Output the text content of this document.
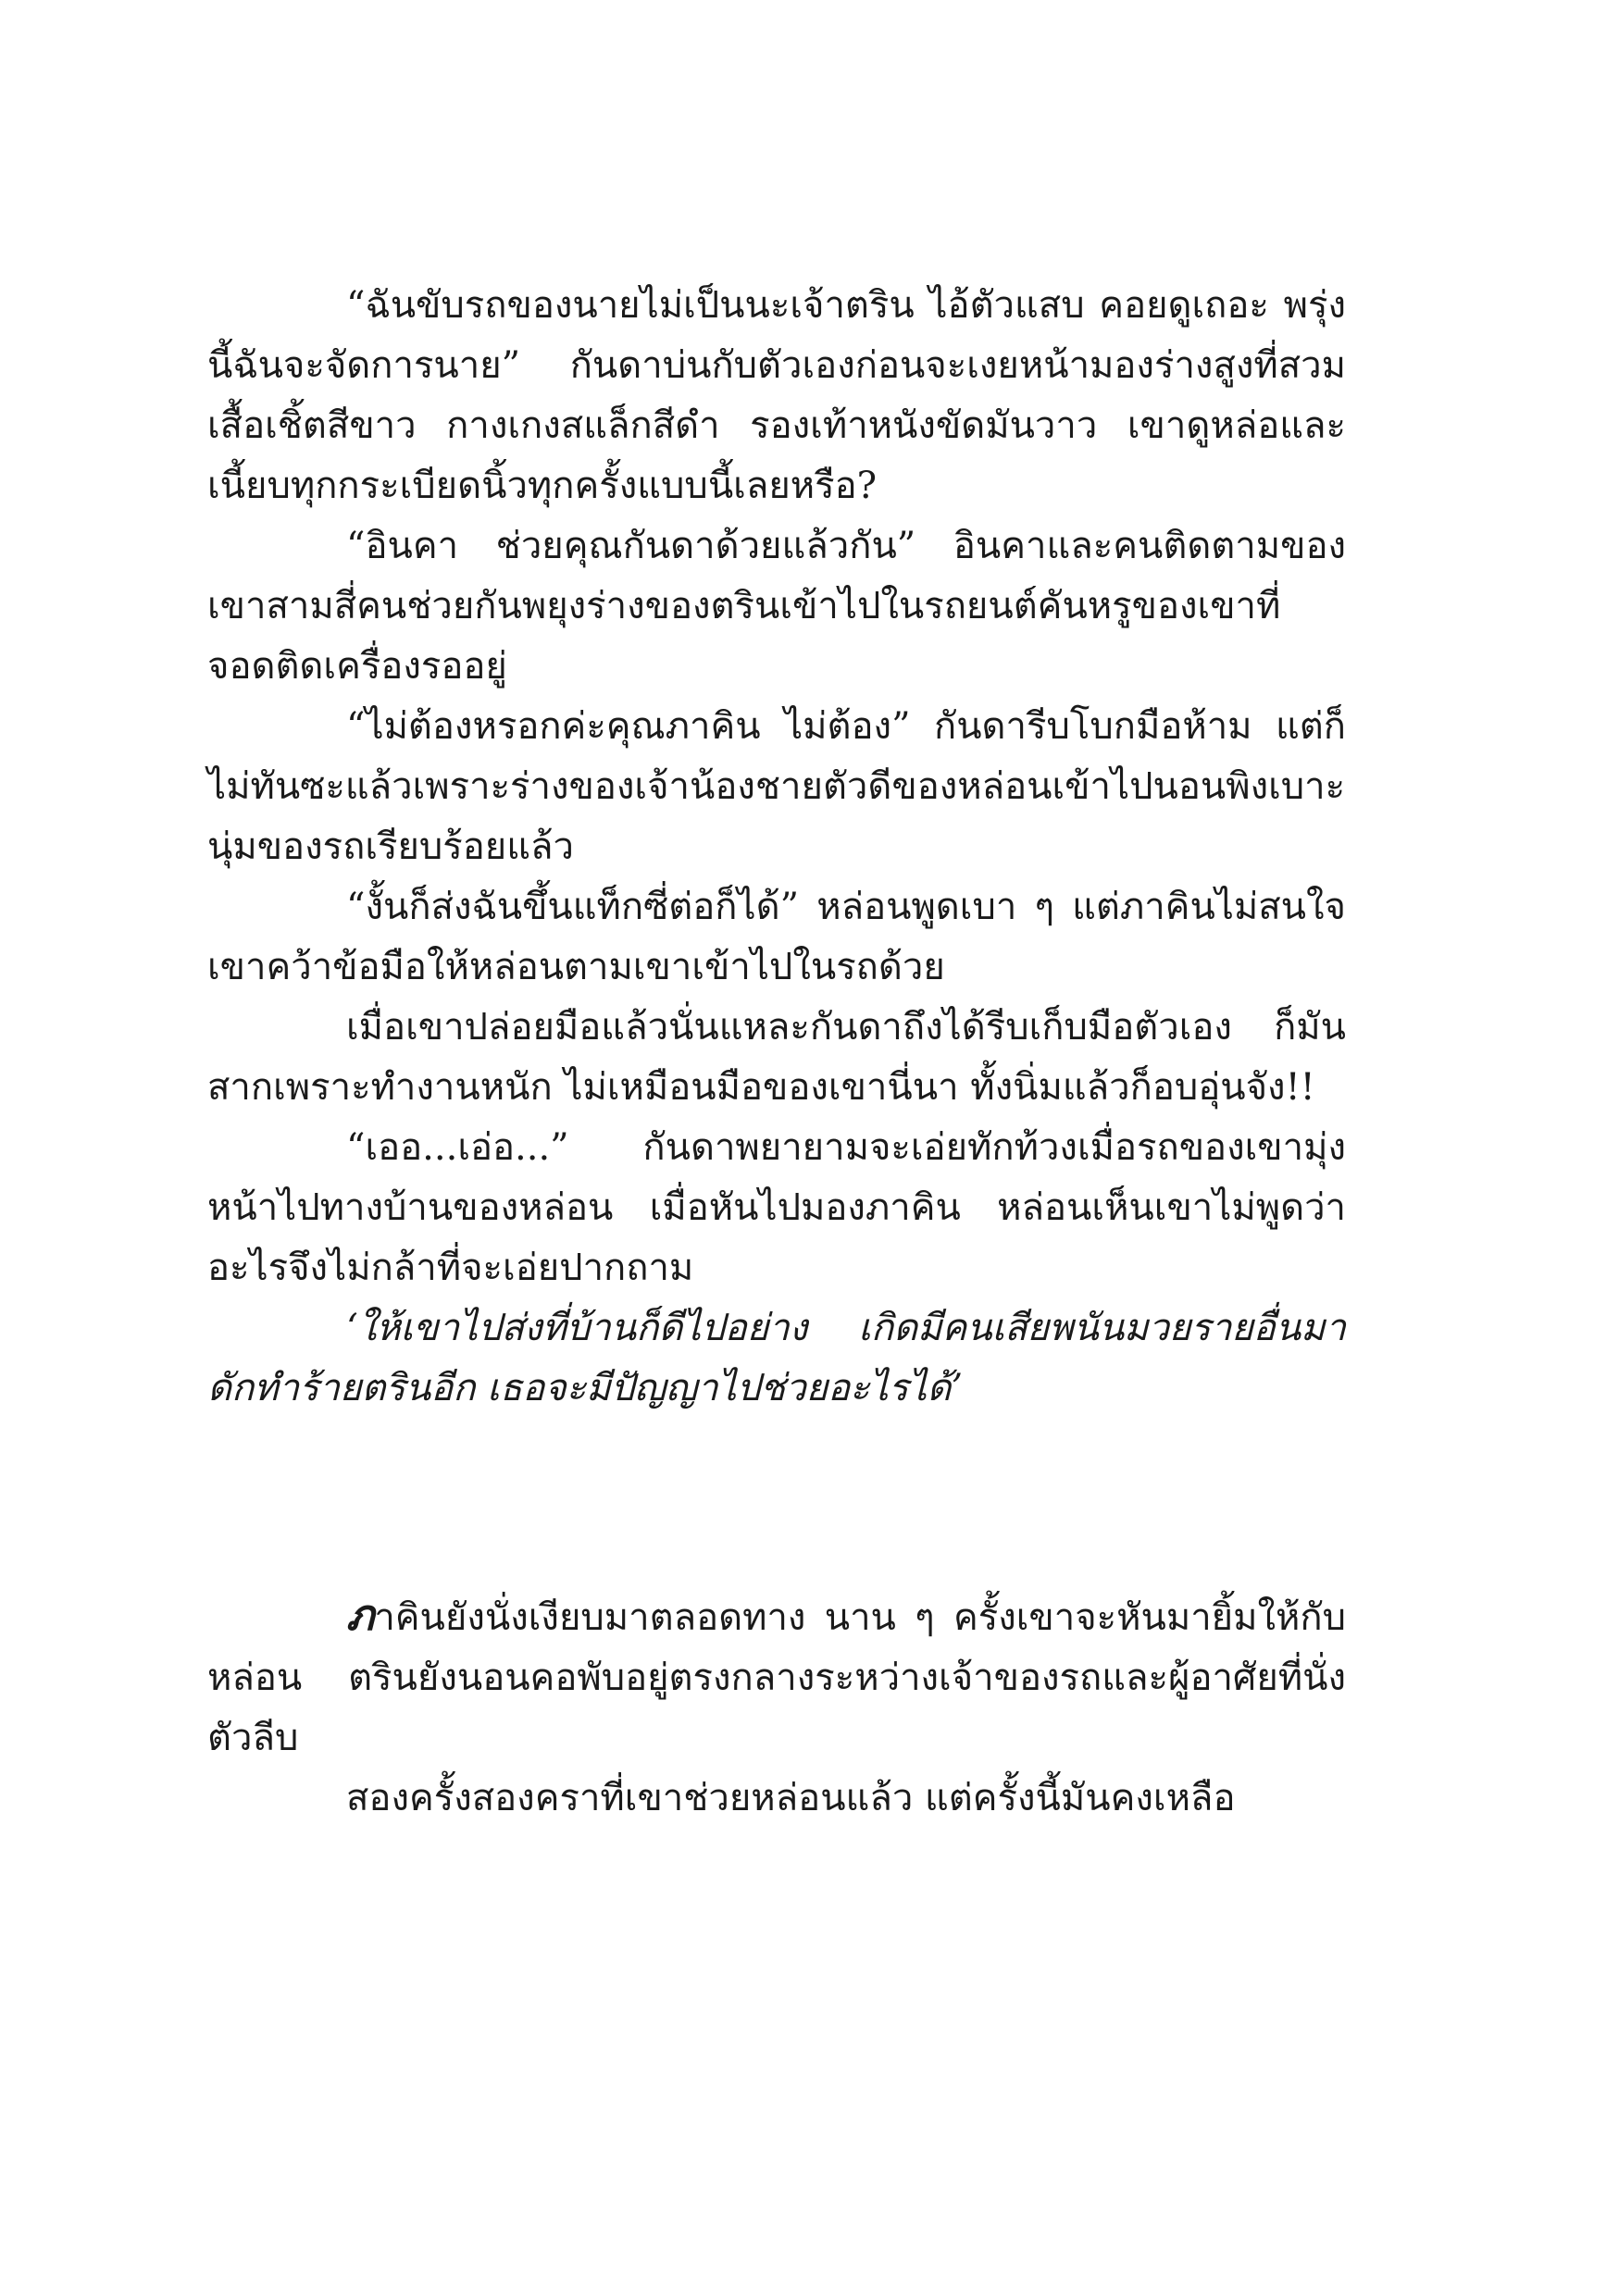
“ฉันขับรถของนายไม่เป็นนะเจ้าตริน ไอ้ตัวแสบ คอยดูเถอะ พรุ่งนี้ฉันจะจัดการนาย” กันดาบ่นกับตัวเองก่อนจะเงยหน้ามองร่างสูงที่สวมเสื้อเชิ้ตสีขาว กางเกงสแล็กสีดำ รองเท้าหนังขัดมันวาว เขาดูหล่อและเนี้ยบทุกกระเบียดนิ้วทุกครั้งแบบนี้เลยหรือ?

“อินคา ช่วยคุณกันดาด้วยแล้วกัน” อินคาและคนติดตามของเขาสามสี่คนช่วยกันพยุงร่างของตรินเข้าไปในรถยนต์คันหรูของเขาที่จอดติดเครื่องรออยู่

“ไม่ต้องหรอกค่ะคุณภาคิน ไม่ต้อง” กันดารีบโบกมือห้าม แต่ก็ไม่ทันซะแล้วเพราะร่างของเจ้าน้องชายตัวดีของหล่อนเข้าไปนอนพิงเบาะนุ่มของรถเรียบร้อยแล้ว

“งั้นก็ส่งฉันขึ้นแท็กซี่ต่อก็ได้” หล่อนพูดเบา ๆ แต่ภาคินไม่สนใจ เขาคว้าข้อมือให้หล่อนตามเขาเข้าไปในรถด้วย

เมื่อเขาปล่อยมือแล้วนั่นแหละกันดาถึงได้รีบเก็บมือตัวเอง ก็มันสากเพราะทำงานหนัก ไม่เหมือนมือของเขานี่นา ทั้งนิ่มแล้วก็อบอุ่นจัง!!

“เออ...เอ่อ...” กันดาพยายามจะเอ่ยทักท้วงเมื่อรถของเขามุ่งหน้าไปทางบ้านของหล่อน เมื่อหันไปมองภาคิน หล่อนเห็นเขาไม่พูดว่าอะไรจึงไม่กล้าที่จะเอ่ยปากถาม

‘ให้เขาไปส่งที่บ้านก็ดีไปอย่าง เกิดมีคนเสียพนันมวยรายอื่นมาดักทำร้ายตรินอีก เธอจะมีปัญญาไปช่วยอะไรได้’

ภาคินยังนั่งเงียบมาตลอดทาง นาน ๆ ครั้งเขาจะหันมายิ้มให้กับหล่อน ตรินยังนอนคอพับอยู่ตรงกลางระหว่างเจ้าของรถและผู้อาศัยที่นั่งตัวลีบ

สองครั้งสองคราที่เขาช่วยหล่อนแล้ว แต่ครั้งนี้มันคงเหลือ
